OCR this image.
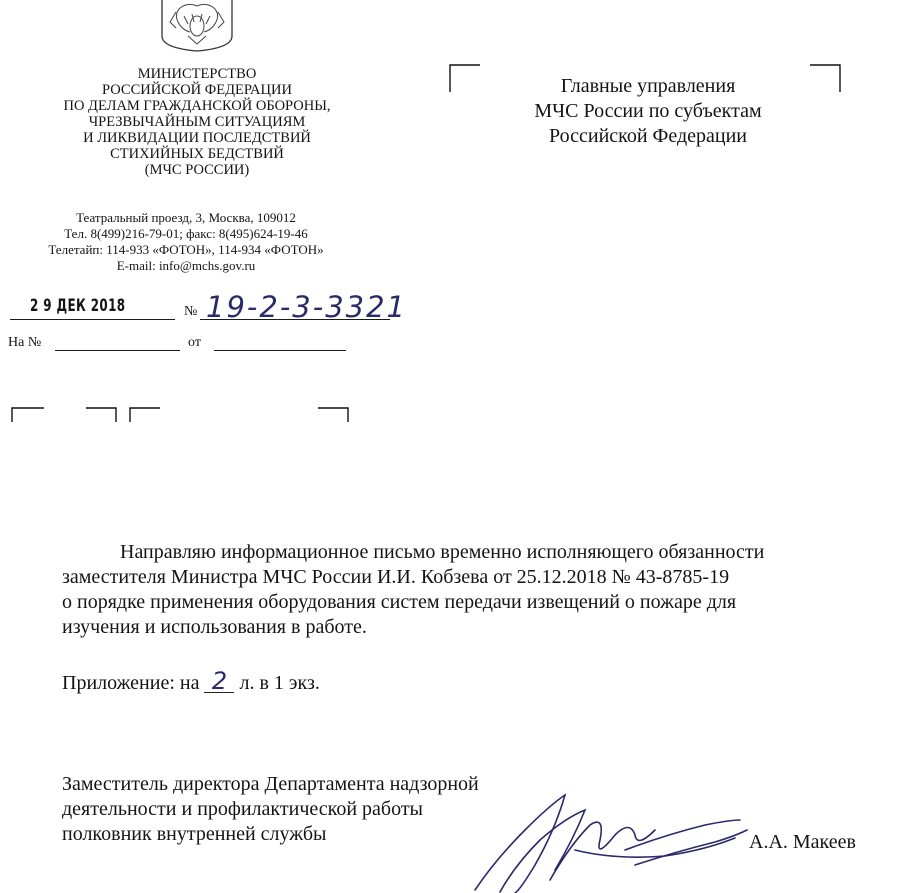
МИНИСТЕРСТВО
РОССИЙСКОЙ ФЕДЕРАЦИИ
ПО ДЕЛАМ ГРАЖДАНСКОЙ ОБОРОНЫ,
ЧРЕЗВЫЧАЙНЫМ СИТУАЦИЯМ
И ЛИКВИДАЦИИ ПОСЛЕДСТВИЙ
СТИХИЙНЫХ БЕДСТВИЙ
(МЧС РОССИИ)
Театральный проезд, 3, Москва, 109012
Тел. 8(499)216-79-01; факс: 8(495)624-19-46
Телетайп: 114-933 «ФОТОН», 114-934 «ФОТОН»
E-mail: info@mchs.gov.ru
2 9 ДЕК 2018	№ 19-2-3-3321
На №	от
Главные управления
МЧС России по субъектам
Российской Федерации
Направляю информационное письмо временно исполняющего обязанности
заместителя Министра МЧС России И.И. Кобзева от 25.12.2018 № 43-8785-19
о порядке применения оборудования систем передачи извещений о пожаре для
изучения и использования в работе.
Приложение: на 2 л. в 1 экз.
Заместитель директора Департамента надзорной
деятельности и профилактической работы
полковник внутренней службы	А.А. Макеев
